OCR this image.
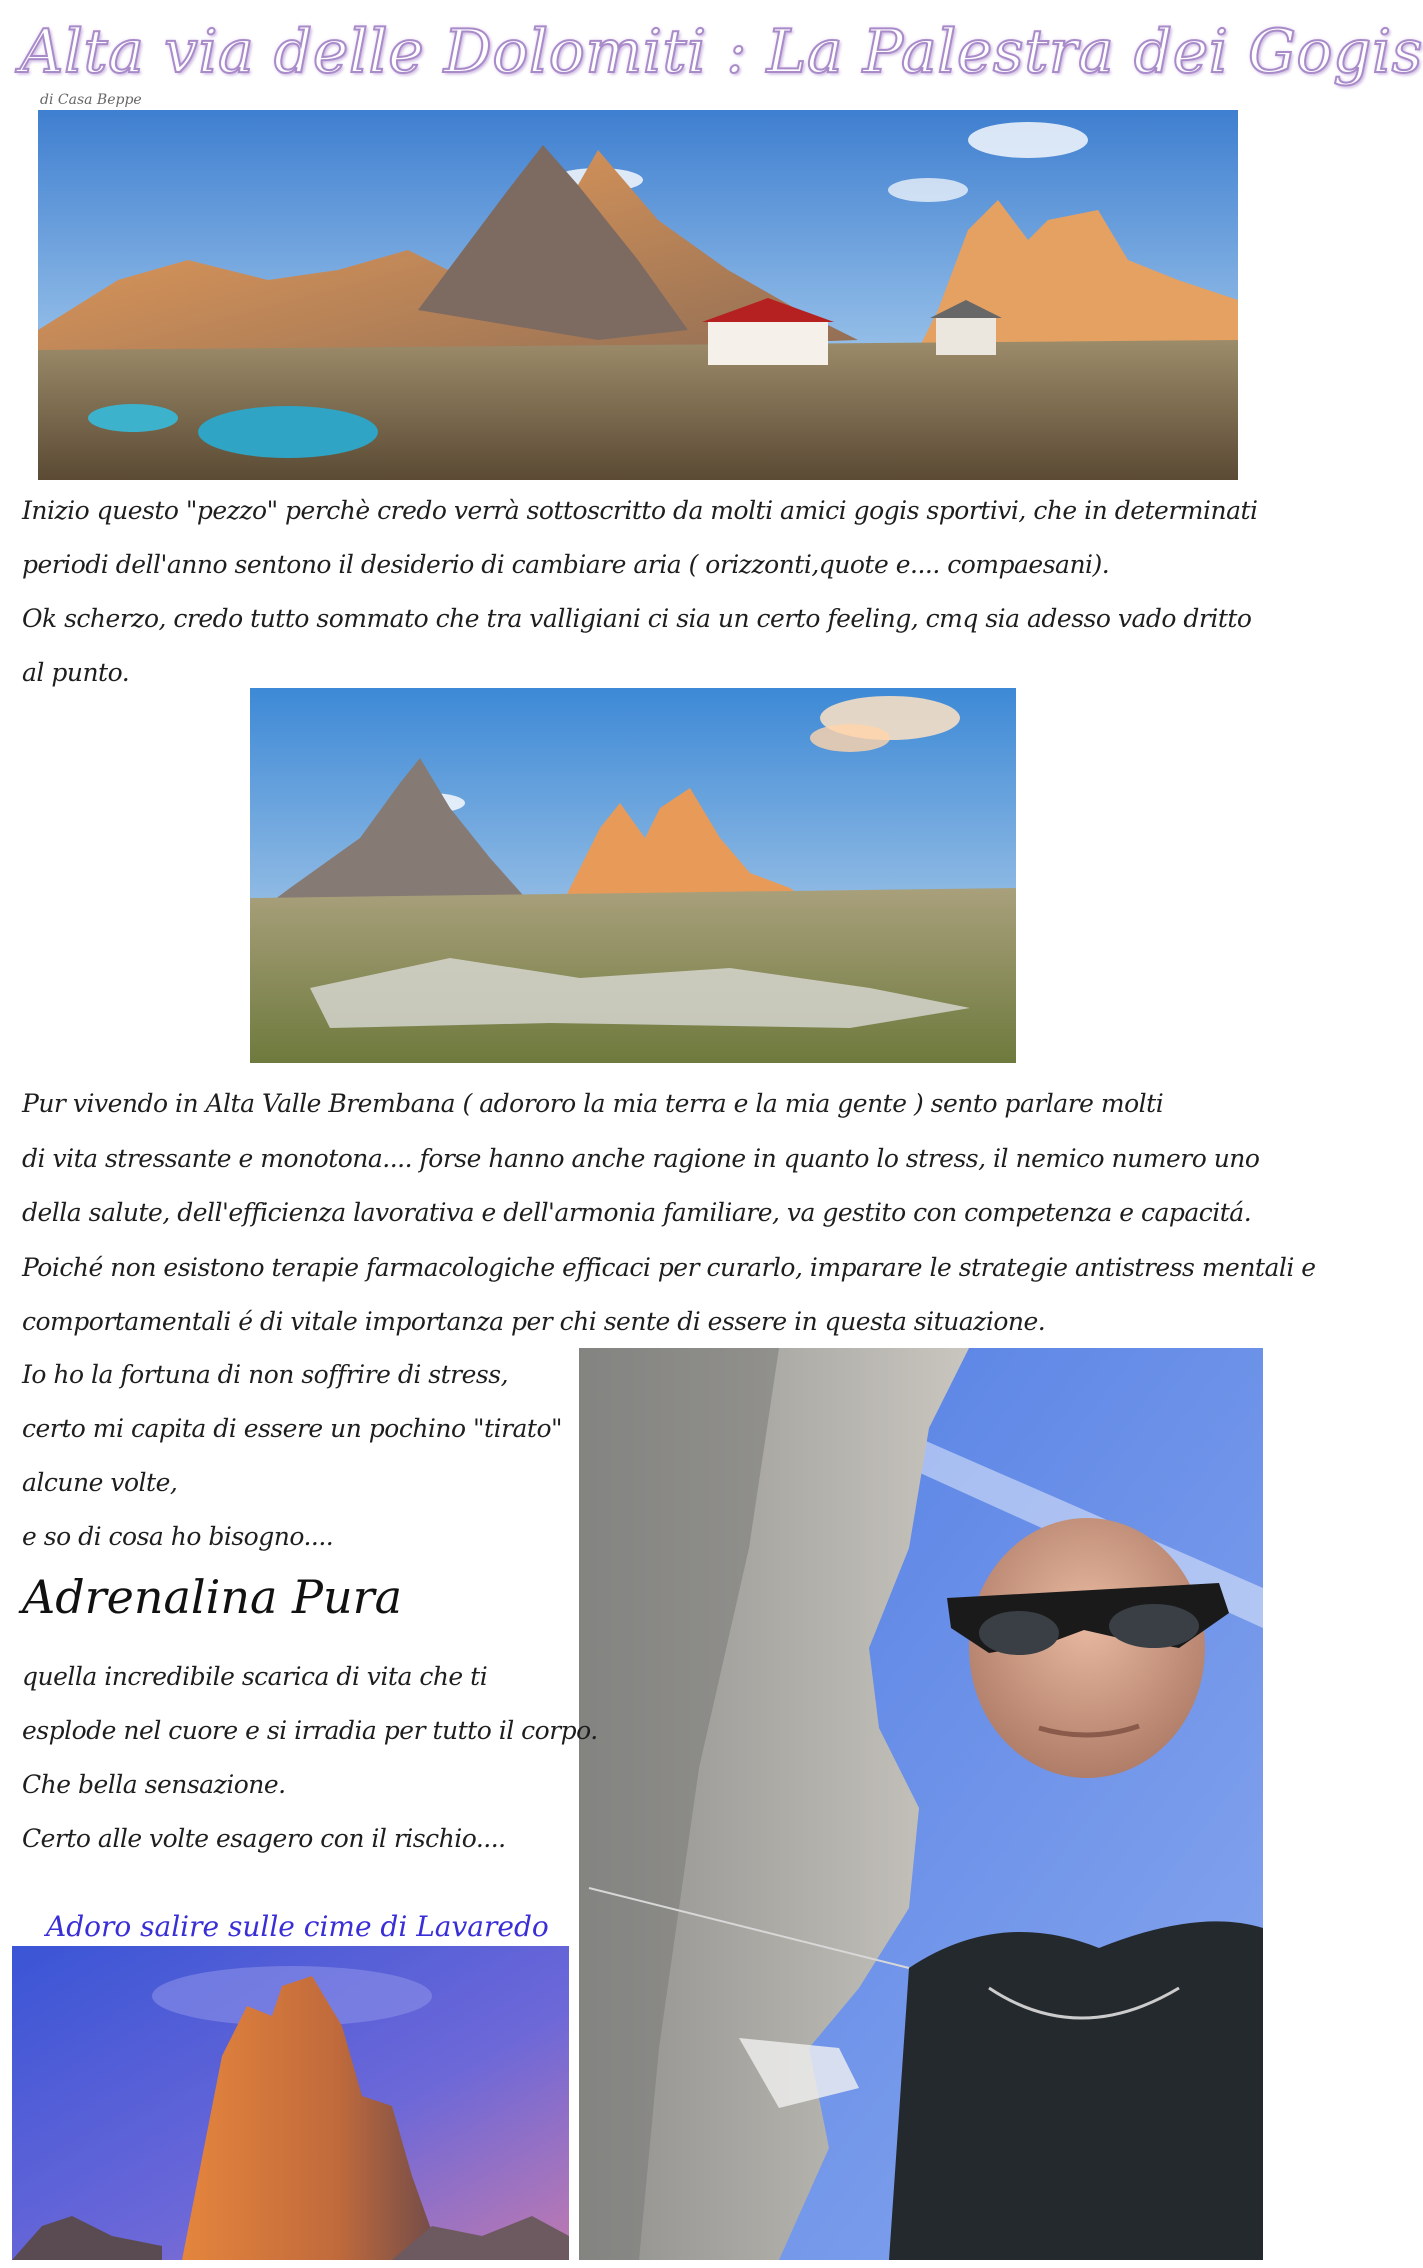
Alta via delle Dolomiti : La Palestra dei Gogis
di Casa Beppe
Inizio questo "pezzo" perchè credo verrà sottoscritto da molti amici gogis sportivi, che in determinati
periodi dell'anno sentono il desiderio di cambiare aria ( orizzonti,quote e.... compaesani).
Ok scherzo, credo tutto sommato che tra valligiani ci sia un certo feeling, cmq sia adesso vado dritto
al punto.
Pur vivendo in Alta Valle Brembana ( adororo la mia terra e la mia gente ) sento parlare molti
di vita stressante e monotona.... forse hanno anche ragione in quanto lo stress, il nemico numero uno
della salute, dell'efficienza lavorativa e dell'armonia familiare, va gestito con competenza e capacitá.
Poiché non esistono terapie farmacologiche efficaci per curarlo, imparare le strategie antistress mentali e
comportamentali é di vitale importanza per chi sente di essere in questa situazione.
Io ho la fortuna di non soffrire di stress,
certo mi capita di essere un pochino "tirato"
alcune volte,
e so di cosa ho bisogno....
Adrenalina Pura
quella incredibile scarica di vita che ti
esplode nel cuore e si irradia per tutto il corpo.
Che bella sensazione.
Certo alle volte esagero con il rischio....
Adoro salire sulle cime di Lavaredo
